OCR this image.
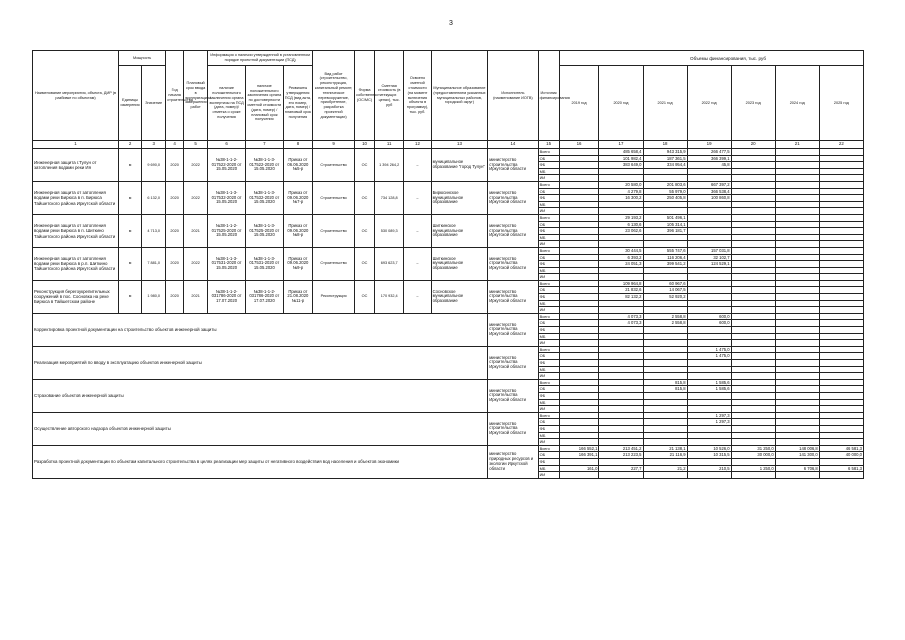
3
Объемы финансирования, тыс. руб
Наименование мероприятия, объекта, ДИР (в разбивке по объектам)	Мощность		Год начала строительства	Плановый срок ввода в эксплуатацию/завершения работ	Информация о наличии утвержденной в установленном порядке проектной документации (ПСД)			Вид работ (строительство, реконструкция, капитальный ремонт, техническое перевооружение, приобретение, разработка проектной документации)	Форма собственности (ОС/МС)	Сметная стоимость (в текущих ценах), тыс. руб	Освоено сметной стоимости (на момент включения объекта в программу), тыс. руб.	Муниципальное образование (предоставлением указанных муниципальных районов, городской округ)	Исполнитель (наименование ИОГВ)	Источник финансирования							
	Единицы измерения	Значение			наличие положительного заключения органа экспертизы на ПСД (дата, номер)/отметка о сроке получения	наличие положительного заключения органа по достоверности сметной стоимости (дата, номер) / плановый срок получения	Реквизиты утверждения ПСД (вид акта, его номер, дата, номер) / плановый срок получения								2019 год	2020 год	2021 год	2022 год	2023 год	2024 год	2025 год
1	2	3	4	5	6	7	8	9	10	11	12	13	14	15	16	17	18	19	20	21	22
Инженерная защита г.Тулун от затопления водами реки Ия	м	9 690,0	2020	2022	№38-1-1-2-017522-2020 от 15.05.2020	№38-1-1-3-017522-2020 от 15.05.2020	Приказ от 06.06.2020 №5-р	Строительство	ОС	1 394 264,2	–	муниципальное образование "город Тулун"	министерство строительства Иркутской области	Всего		485 658,4	943 315,9	266 477,5			
														ОБ		101 982,4	187 361,5	366 399,1			
														ФБ		383 649,0	334 954,4	45,8			
														МБ							
														ИИ							
Инженерная защита от затопления водами реки Бирюса в п. Бирюса Тайшетского района Иркутской области	м	6 132,0	2020	2022	№38-1-1-3-017532-2020 от 15.05.2020	№38-1-1-3-017532-2020 от 15.05.2020	Приказ от 09.06.2020 №7-р	Строительство	ОС	734 128,8	–	Бирюсинское муниципальное образование	министерство строительства Иркутской области	Всего		20 580,0	201 803,6	667 397,2			
														ОБ		4 279,8	55 979,0	366 538,4			
														ФБ		16 300,2	250 405,8	100 860,8			
														МБ							
														ИИ							
Инженерная защита от затопления водами реки Бирюса в п. Шиткино Тайшетского района Иркутской области	м	4 713,0	2020	2021	№38-1-1-2-017525-2020 от 15.05.2020	№38-1-1-3-017525-2020 от 15.05.2020	Приказ от 09.06.2020 №8-р	Строительство	ОС	530 089,3	–	Шиткинское муниципальное образование	министерство строительства Иркутской области	Всего		29 193,2	501 496,1				
														ОБ		6 130,6	105 314,1				
														ФБ		23 062,6	396 181,7				
														МБ							
														ИИ							
Инженерная защита от затопления водами реки Бирюса в р.п. Шиткино Тайшетского района Иркутской области	м	7 881,0	2020	2022	№38-1-1-3-017531-2020 от 15.05.2020	№38-1-1-3-017531-2020 от 15.05.2020	Приказ от 09.06.2020 №9-р	Строительство	ОС	693 623,7	–	Шиткинское муниципальное образование	министерство строительства Иркутской области	Всего		30 444,5	555 747,6	157 031,8			
														ОБ		6 393,2	116 206,4	32 102,7			
														ФБ		24 051,3	399 541,2	124 529,1			
														МБ							
														ИИ							
Реконструкция берегоукрепительных сооружений в пос. Сосновка на реке Бирюса в Тайшетском районе	м	1 980,0	2020	2021	№38-1-1-2-031786-2020 от 17.07.2020	№38-1-1-2-031786-2020 от 17.07.2020	Приказ от 21.08.2020 №11-р	Реконструкция	ОС	170 932,4	–	Сосновское муниципальное образование	министерство строительства Иркутской области	Всего		109 964,8	60 967,6				
														ОБ		21 832,6	14 067,5				
														ФБ		82 132,2	52 920,2				
														МБ							
														ИИ							
Корректировка проектной документации на строительство объектов инженерной защиты													министерство строительства Иркутской области	Всего		4 073,3	2 558,8	600,0			
														ОБ		4 073,3	2 558,8	600,0			
														ФБ							
														МБ							
														ИИ							
Реализация мероприятий по вводу в эксплуатацию объектов инженерной защиты													министерство строительства Иркутской области	Всего				1 475,0			
														ОБ				1 475,0			
														ФБ							
														МБ							
														ИИ							
Страхование объектов инженерной защиты													министерство строительства Иркутской области	Всего			815,8	1 585,6			
														ОБ			815,8	1 585,6			
														ФБ							
														МБ							
														ИИ							
Осуществление авторского надзора объектов инженерной защиты													министерство строительства Иркутской области	Всего				1 297,3			
														ОБ				1 297,3			
														ФБ							
														МБ							
														ИИ							
Разработка проектной документации по объектам капитального строительства в целях реализации мер защиты от негативного воздействия вод населения и объектов экономики													министерство природных ресурсов и экологии Иркутской области	Всего	166 552,1	213 451,2	21 138,1	10 526,0	31 250,0	148 006,8	46 581,3
														ОБ	166 391,1	213 223,5	21 116,9	10 315,5	30 000,0	141 300,0	40 000,0
														ФБ							
														МБ	161,0	227,7	21,2	210,5	1 250,0	6 706,8	6 581,3
														ИИ							
